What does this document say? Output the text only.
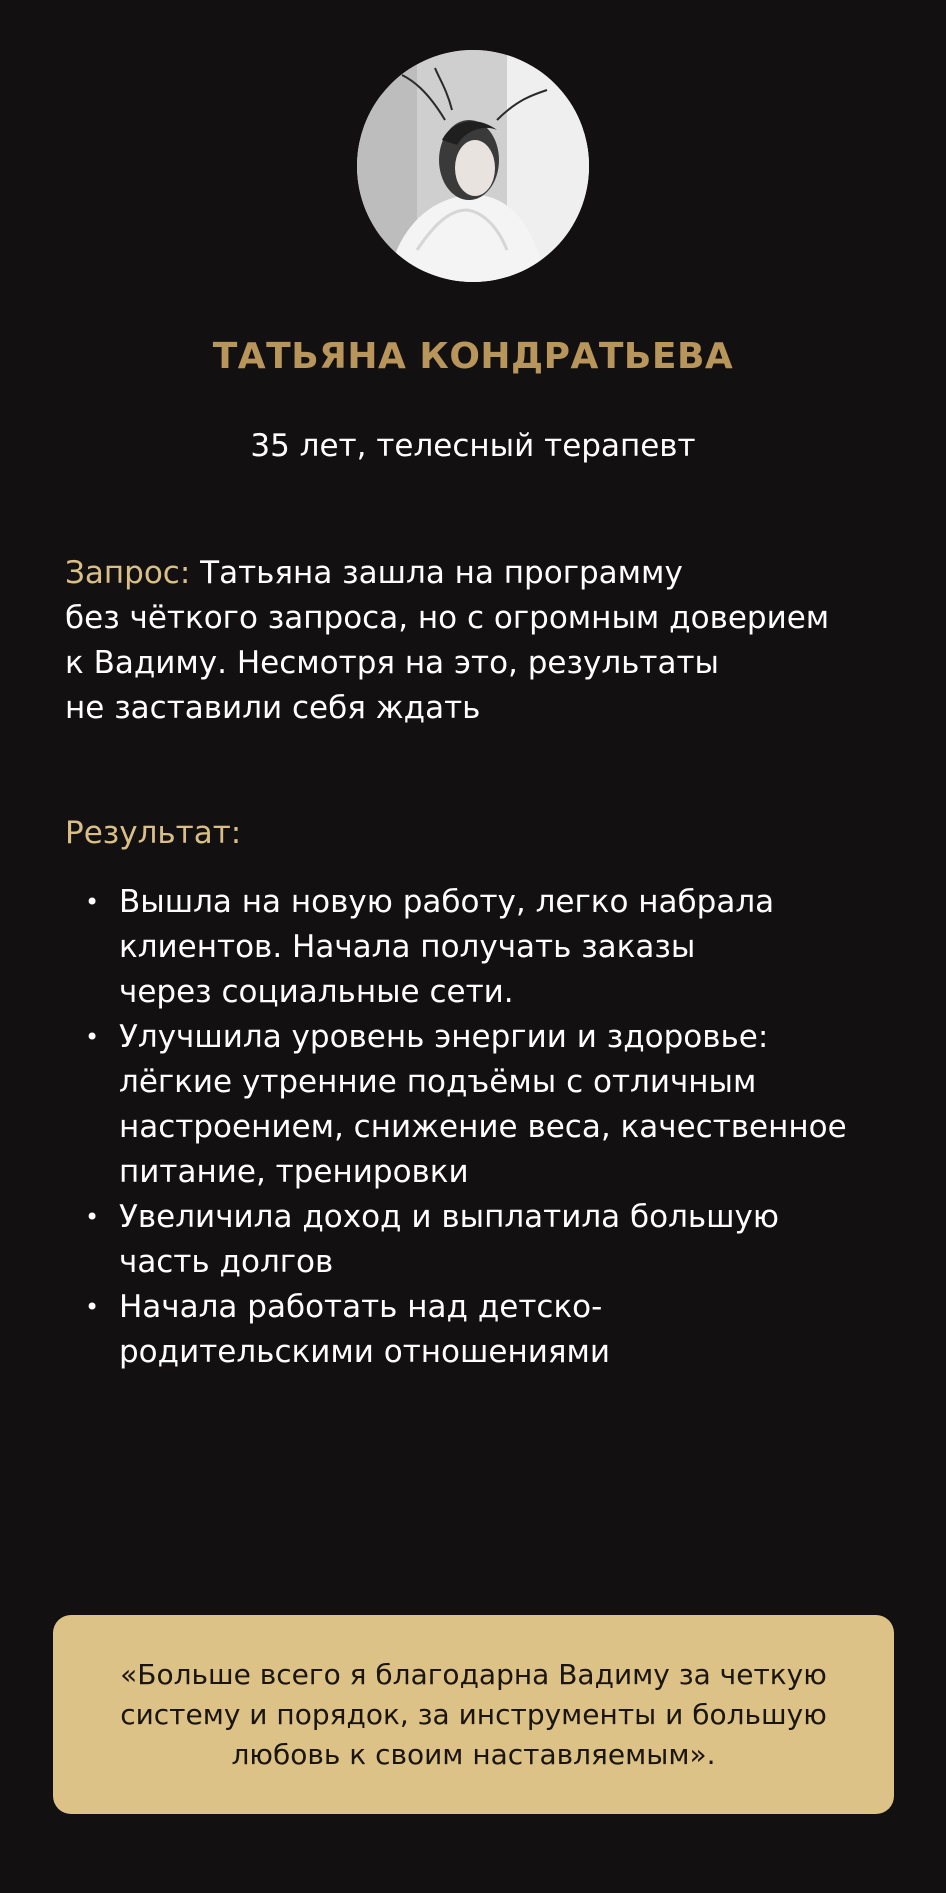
ТАТЬЯНА КОНДРАТЬЕВА

35 лет, телесный терапевт

Запрос: Татьяна зашла на программу
без чёткого запроса, но с огромным доверием
к Вадиму. Несмотря на это, результаты
не заставили себя ждать

Результат:

• Вышла на новую работу, легко набрала
клиентов. Начала получать заказы
через социальные сети.
• Улучшила уровень энергии и здоровье:
лёгкие утренние подъёмы с отличным
настроением, снижение веса, качественное
питание, тренировки
• Увеличила доход и выплатила большую
часть долгов
• Начала работать над детско-
родительскими отношениями

«Больше всего я благодарна Вадиму за четкую
систему и порядок, за инструменты и большую
любовь к своим наставляемым».
